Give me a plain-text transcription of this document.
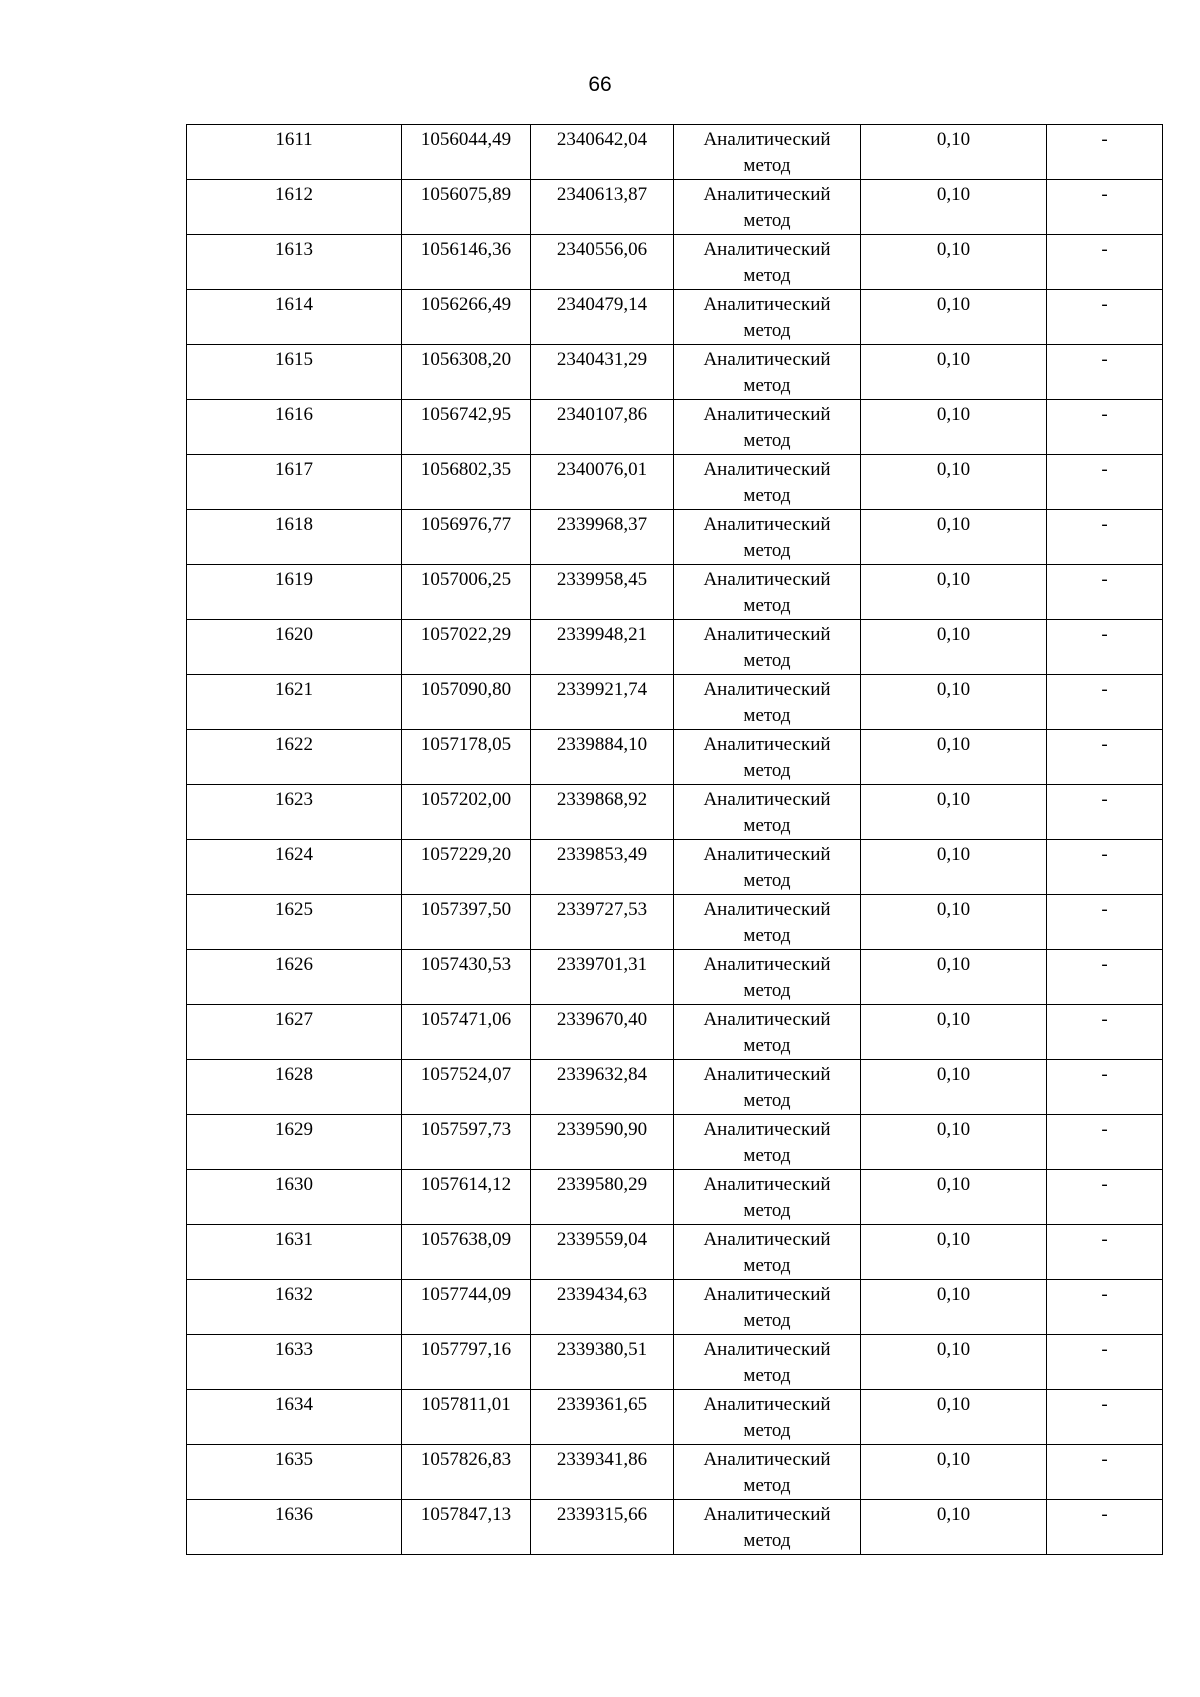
66
1611	1056044,49	2340642,04	Аналитический
метод	0,10	-
1612	1056075,89	2340613,87	Аналитический
метод	0,10	-
1613	1056146,36	2340556,06	Аналитический
метод	0,10	-
1614	1056266,49	2340479,14	Аналитический
метод	0,10	-
1615	1056308,20	2340431,29	Аналитический
метод	0,10	-
1616	1056742,95	2340107,86	Аналитический
метод	0,10	-
1617	1056802,35	2340076,01	Аналитический
метод	0,10	-
1618	1056976,77	2339968,37	Аналитический
метод	0,10	-
1619	1057006,25	2339958,45	Аналитический
метод	0,10	-
1620	1057022,29	2339948,21	Аналитический
метод	0,10	-
1621	1057090,80	2339921,74	Аналитический
метод	0,10	-
1622	1057178,05	2339884,10	Аналитический
метод	0,10	-
1623	1057202,00	2339868,92	Аналитический
метод	0,10	-
1624	1057229,20	2339853,49	Аналитический
метод	0,10	-
1625	1057397,50	2339727,53	Аналитический
метод	0,10	-
1626	1057430,53	2339701,31	Аналитический
метод	0,10	-
1627	1057471,06	2339670,40	Аналитический
метод	0,10	-
1628	1057524,07	2339632,84	Аналитический
метод	0,10	-
1629	1057597,73	2339590,90	Аналитический
метод	0,10	-
1630	1057614,12	2339580,29	Аналитический
метод	0,10	-
1631	1057638,09	2339559,04	Аналитический
метод	0,10	-
1632	1057744,09	2339434,63	Аналитический
метод	0,10	-
1633	1057797,16	2339380,51	Аналитический
метод	0,10	-
1634	1057811,01	2339361,65	Аналитический
метод	0,10	-
1635	1057826,83	2339341,86	Аналитический
метод	0,10	-
1636	1057847,13	2339315,66	Аналитический
метод	0,10	-
